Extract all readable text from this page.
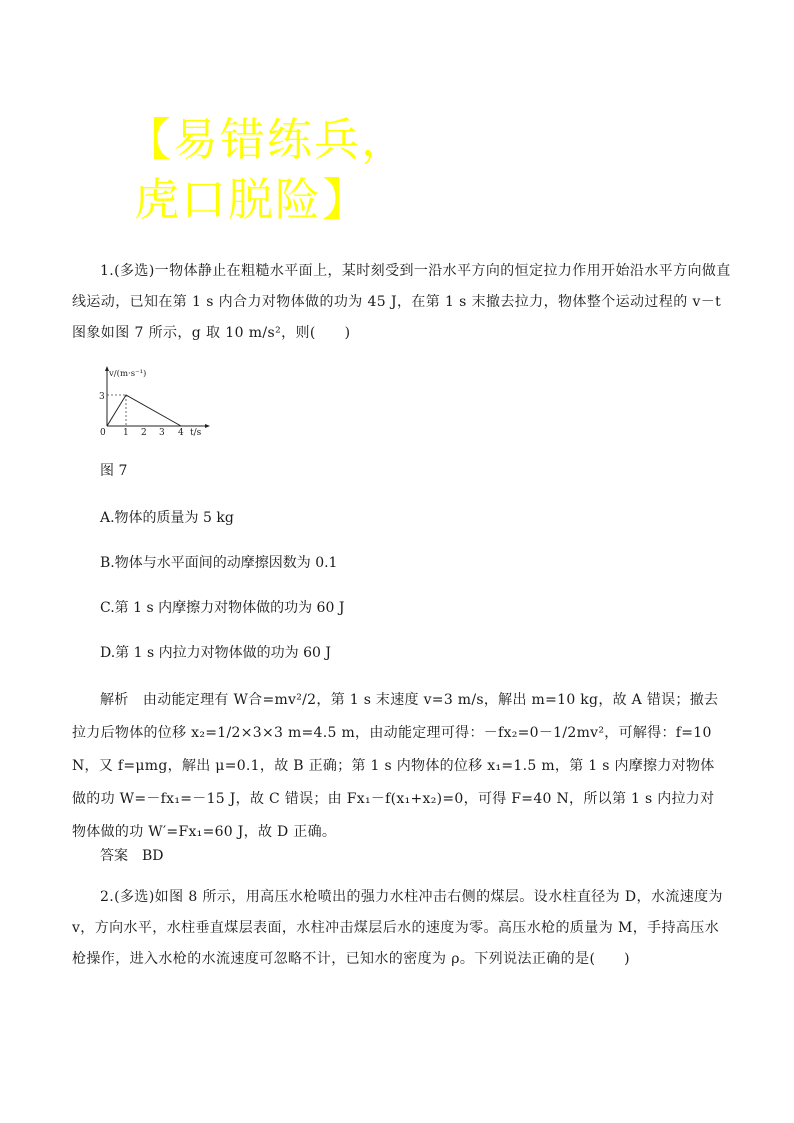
【易错练兵，
虎口脱险】

1.(多选)一物体静止在粗糙水平面上，某时刻受到一沿水平方向的恒定拉力作用开始沿水平方向做直线运动，已知在第 1 s 内合力对物体做的功为 45 J，在第 1 s 末撤去拉力，物体整个运动过程的 v－t 图象如图 7 所示，g 取 10 m/s²，则(　　)

v/(m·s⁻¹)
3
0 1 2 3 4 t/s

图 7

A.物体的质量为 5 kg

B.物体与水平面间的动摩擦因数为 0.1

C.第 1 s 内摩擦力对物体做的功为 60 J

D.第 1 s 内拉力对物体做的功为 60 J

解析　由动能定理有 W合=mv²/2，第 1 s 末速度 v=3 m/s，解出 m=10 kg，故 A 错误；撤去拉力后物体的位移 x₂=1/2×3×3 m=4.5 m，由动能定理可得：－fx₂=0－1/2mv²，可解得：f=10 N，又 f=μmg，解出 μ=0.1，故 B 正确；第 1 s 内物体的位移 x₁=1.5 m，第 1 s 内摩擦力对物体做的功 W=－fx₁=－15 J，故 C 错误；由 Fx₁－f(x₁+x₂)=0，可得 F=40 N，所以第 1 s 内拉力对物体做的功 W′=Fx₁=60 J，故 D 正确。

答案　BD

2.(多选)如图 8 所示，用高压水枪喷出的强力水柱冲击右侧的煤层。设水柱直径为 D，水流速度为 v，方向水平，水柱垂直煤层表面，水柱冲击煤层后水的速度为零。高压水枪的质量为 M，手持高压水枪操作，进入水枪的水流速度可忽略不计，已知水的密度为 ρ。下列说法正确的是(　　)
